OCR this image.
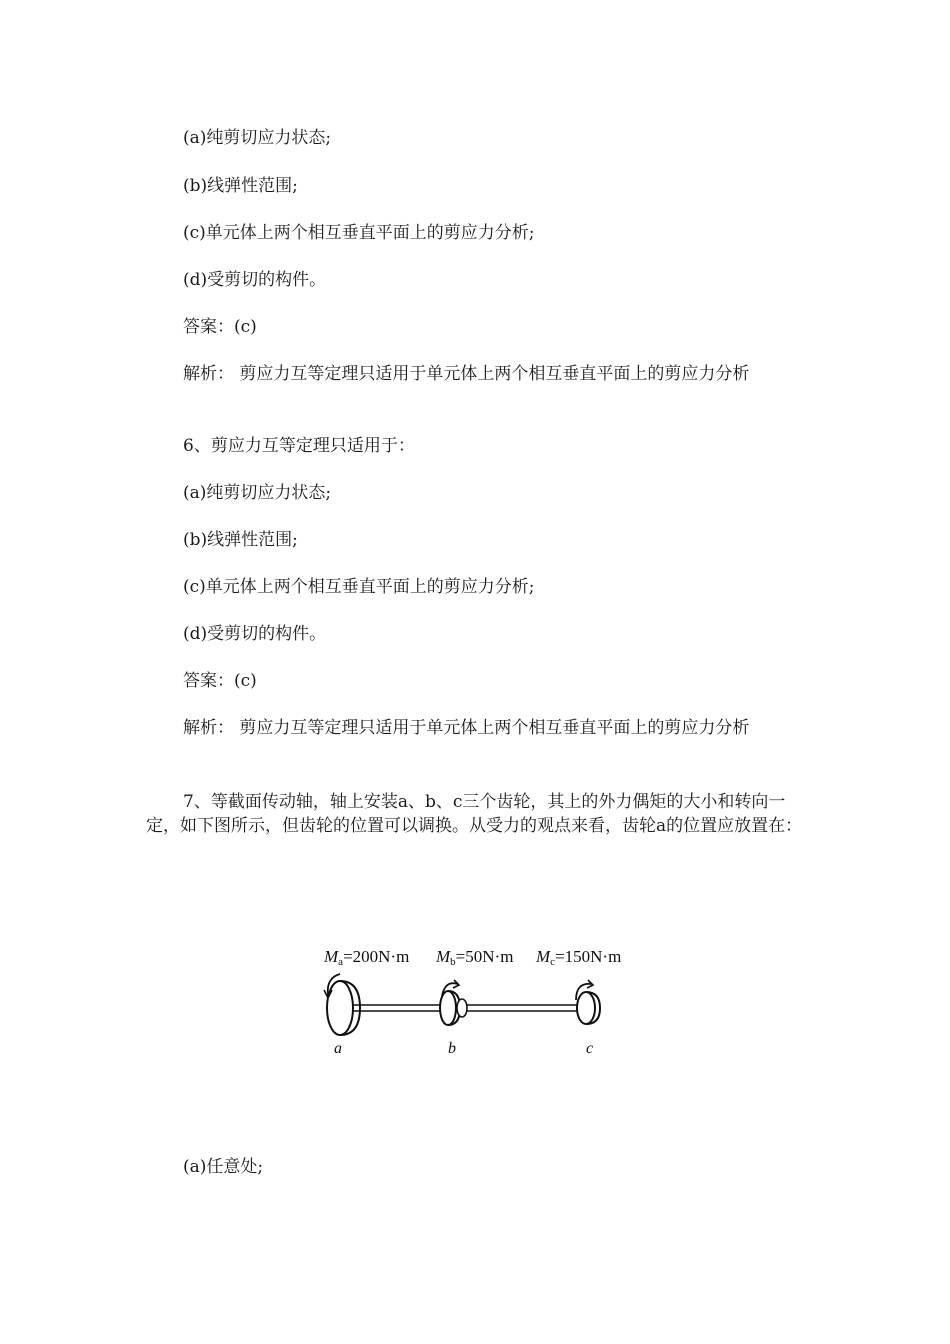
(a)纯剪切应力状态;
(b)线弹性范围;
(c)单元体上两个相互垂直平面上的剪应力分析;
(d)受剪切的构件。
答案：(c)
解析： 剪应力互等定理只适用于单元体上两个相互垂直平面上的剪应力分析
6、剪应力互等定理只适用于：
(a)纯剪切应力状态;
(b)线弹性范围;
(c)单元体上两个相互垂直平面上的剪应力分析;
(d)受剪切的构件。
答案：(c)
解析： 剪应力互等定理只适用于单元体上两个相互垂直平面上的剪应力分析
7、等截面传动轴，轴上安装a、b、c三个齿轮，其上的外力偶矩的大小和转向一定，如下图所示，但齿轮的位置可以调换。从受力的观点来看，齿轮a的位置应放置在：
Ma=200N·m Mb=50N·m Mc=150N·m
a	b	c
(a)任意处;
